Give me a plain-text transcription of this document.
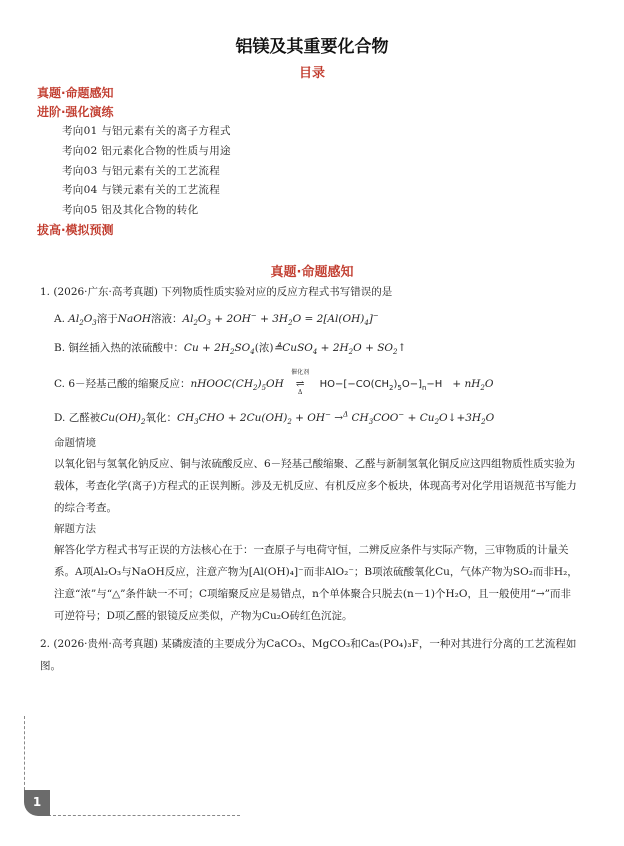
铝镁及其重要化合物
目录
真题·命题感知
进阶·强化演练
考向01 与铝元素有关的离子方程式
考向02 铝元素化合物的性质与用途
考向03 与铝元素有关的工艺流程
考向04 与镁元素有关的工艺流程
考向05 铝及其化合物的转化
拔高·模拟预测
真题·命题感知
1. (2026·广东·高考真题) 下列物质性质实验对应的反应方程式书写错误的是
A. $Al_2O_3$溶于NaOH溶液：$Al_2O_3 + 2OH^- + 3H_2O = 2[Al(OH)_4]^-$
B. 铜丝插入热的浓硫酸中：$Cu + 2H_2SO_4$(浓)≜CuSO$_4$ + $2H_2O$ + $SO_2↑$
C. 6－羟基己酸的缩聚反应：$nHOOC(CH_2)_5OH$
催化剂
⇌
Δ
$HO-[-CO(CH_2)_5O-]_n-H + nH_2O$
D. 乙醛被$Cu(OH)_2$氧化：$CH_3CHO + 2Cu(OH)_2 + OH^- \to^\Delta$ $CH_3COO^-$ + $Cu_2O↓+3H_2O$
命题情境
以氧化铝与氢氧化钠反应、铜与浓硫酸反应、6－羟基己酸缩聚、乙醛与新制氢氧化铜反应这四组物质性质实验为载体，考查化学(离子)方程式的正误判断。涉及无机反应、有机反应多个板块，体现高考对化学用语规范书写能力的综合考查。
解题方法
解答化学方程式书写正误的方法核心在于：一查原子与电荷守恒，二辨反应条件与实际产物，三审物质的计量关系。A项Al₂O₃与NaOH反应，注意产物为[Al(OH)₄]⁻而非AlO₂⁻；B项浓硫酸氧化Cu，气体产物为SO₂而非H₂，注意“浓”与“△”条件缺一不可；C项缩聚反应是易错点，n个单体聚合只脱去(n－1)个H₂O，且一般使用“→”而非可逆符号；D项乙醛的银镜反应类似，产物为Cu₂O砖红色沉淀。
2. (2026·贵州·高考真题) 某磷废渣的主要成分为CaCO₃、MgCO₃和Ca₅(PO₄)₃F，一种对其进行分离的工艺流程如图。
1
